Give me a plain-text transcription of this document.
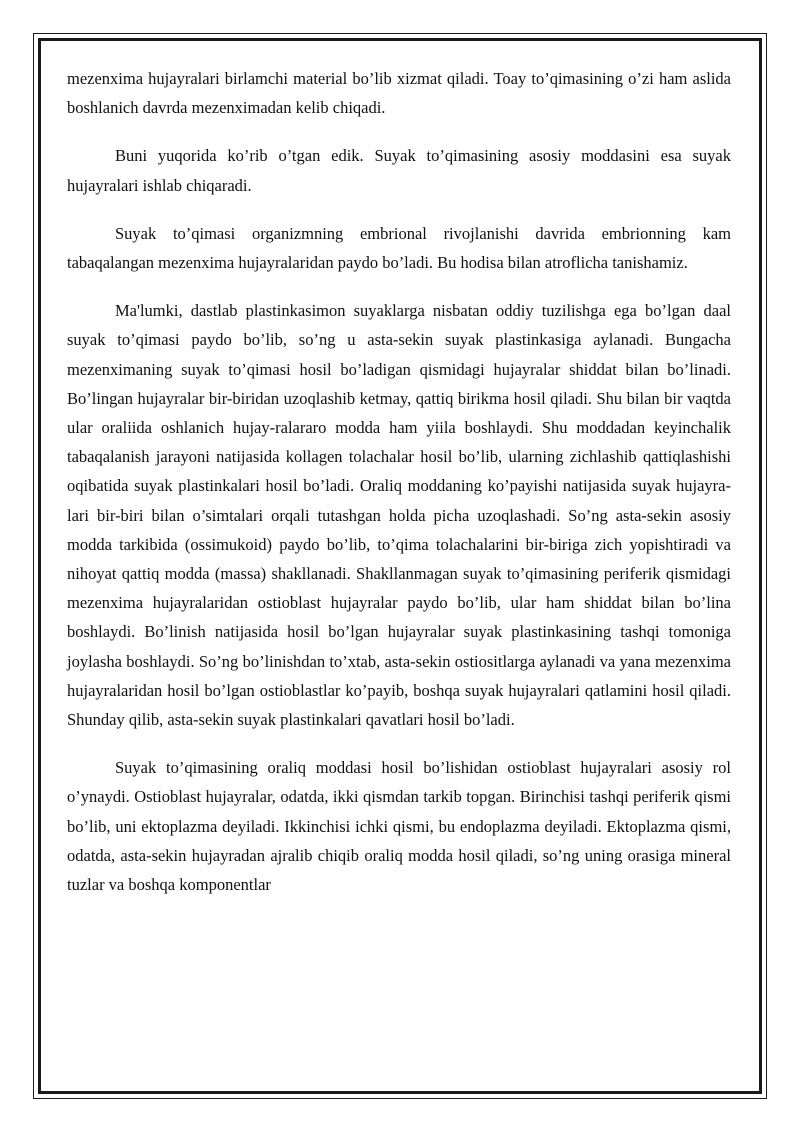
mezenxima hujayralari birlamchi material bo’lib xizmat qiladi. Toay to’qimasining o’zi ham aslida boshlanich davrda mezenximadan kelib chiqadi.

Buni yuqorida ko’rib o’tgan edik. Suyak to’qimasining asosiy moddasini esa suyak hujayralari ishlab chiqaradi.

Suyak to’qimasi organizmning embrional rivojlanishi davrida embrionning kam tabaqalangan mezenxima hujayralaridan paydo bo’ladi. Bu hodisa bilan atroflicha tanishamiz.

Ma'lumki, dastlab plastinkasimon suyaklarga nisbatan oddiy tuzilishga ega bo’lgan daal suyak to’qimasi paydo bo’lib, so’ng u asta-sekin suyak plastinkasiga aylanadi. Bungacha mezenximaning suyak to’qimasi hosil bo’ladigan qismidagi hujayralar shiddat bilan bo’linadi. Bo’lingan hujayralar bir-biridan uzoqlashib ketmay, qattiq birikma hosil qiladi. Shu bilan bir vaqtda ular oraliida oshlanich hujay-ralararo modda ham yiila boshlaydi. Shu moddadan keyinchalik tabaqalanish jarayoni natijasida kollagen tolachalar hosil bo’lib, ularning zichlashib qattiqlashishi oqibatida suyak plastinkalari hosil bo’ladi. Oraliq moddaning ko’payishi natijasida suyak hujayra-lari bir-biri bilan o’simtalari orqali tutashgan holda picha uzoqlashadi. So’ng asta-sekin asosiy modda tarkibida (ossimukoid) paydo bo’lib, to’qima tolachalarini bir-biriga zich yopishtiradi va nihoyat qattiq modda (massa) shakllanadi. Shakllanmagan suyak to’qimasining periferik qismidagi mezenxima hujayralaridan ostioblast hujayralar paydo bo’lib, ular ham shiddat bilan bo’lina boshlaydi. Bo’linish natijasida hosil bo’lgan hujayralar suyak plastinkasining tashqi tomoniga joylasha boshlaydi. So’ng bo’linishdan to’xtab, asta-sekin ostiositlarga aylanadi va yana mezenxima hujayralaridan hosil bo’lgan ostioblastlar ko’payib, boshqa suyak hujayralari qatlamini hosil qiladi. Shunday qilib, asta-sekin suyak plastinkalari qavatlari hosil bo’ladi.

Suyak to’qimasining oraliq moddasi hosil bo’lishidan ostioblast hujayralari asosiy rol o’ynaydi. Ostioblast hujayralar, odatda, ikki qismdan tarkib topgan. Birinchisi tashqi periferik qismi bo’lib, uni ektoplazma deyiladi. Ikkinchisi ichki qismi, bu endoplazma deyiladi. Ektoplazma qismi, odatda, asta-sekin hujayradan ajralib chiqib oraliq modda hosil qiladi, so’ng uning orasiga mineral tuzlar va boshqa komponentlar
